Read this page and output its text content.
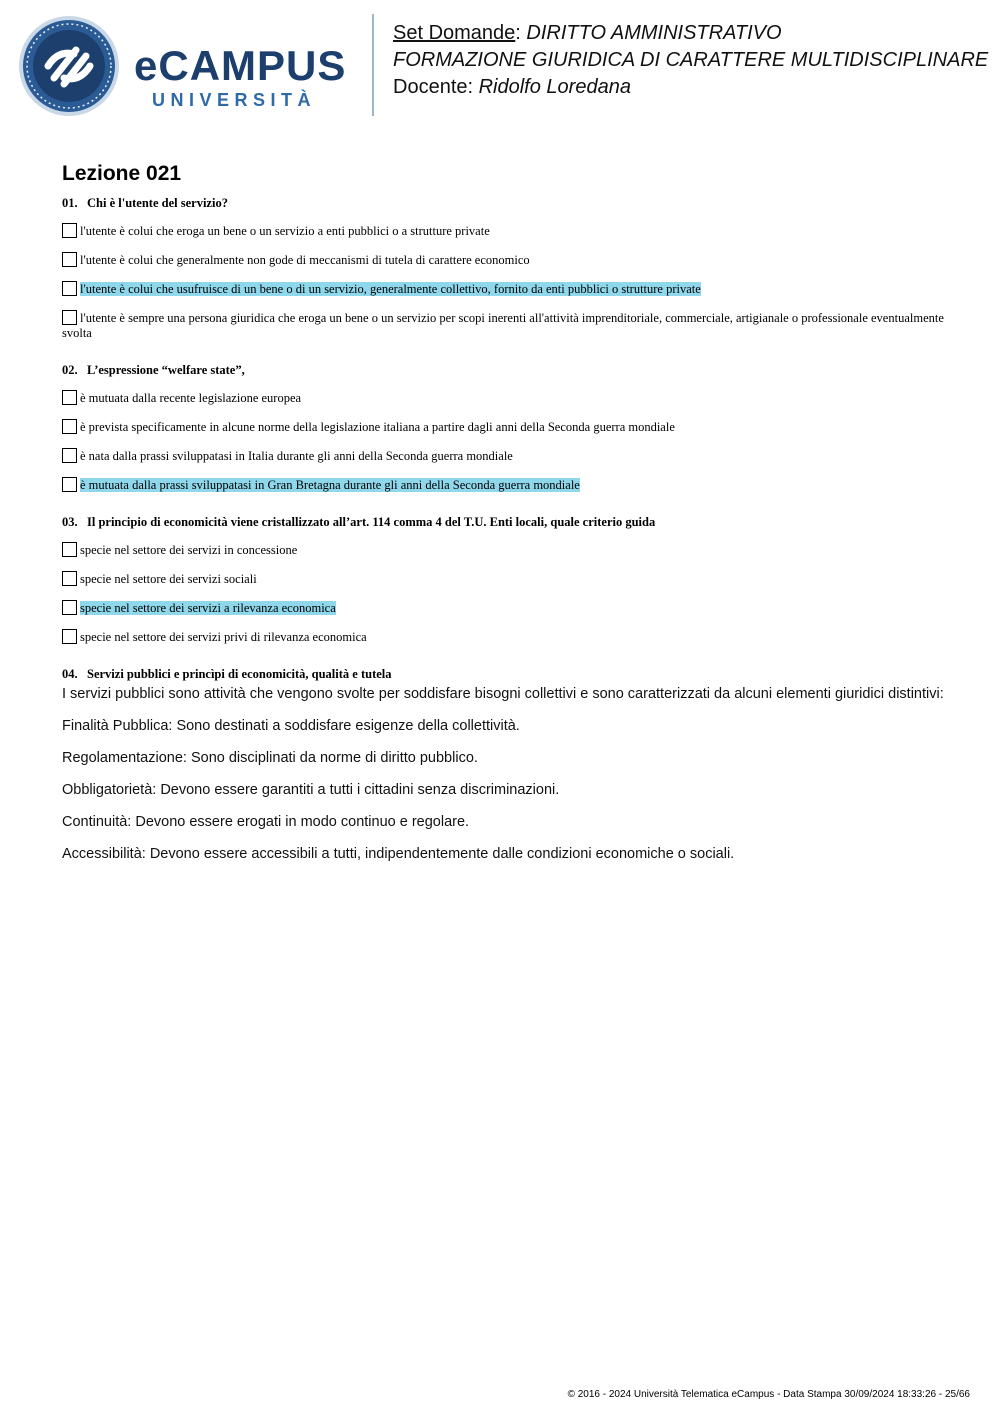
eCAMPUS
UNIVERSITÀ
Set Domande: DIRITTO AMMINISTRATIVO
FORMAZIONE GIURIDICA DI CARATTERE MULTIDISCIPLINARE
Docente: Ridolfo Loredana
Lezione 021
01. Chi è l'utente del servizio?
l'utente è colui che eroga un bene o un servizio a enti pubblici o a strutture private
l'utente è colui che generalmente non gode di meccanismi di tutela di carattere economico
l'utente è colui che usufruisce di un bene o di un servizio, generalmente collettivo, fornito da enti pubblici o strutture private
l'utente è sempre una persona giuridica che eroga un bene o un servizio per scopi inerenti all'attività imprenditoriale, commerciale, artigianale o professionale eventualmente svolta
02. L’espressione “welfare state”,
è mutuata dalla recente legislazione europea
è prevista specificamente in alcune norme della legislazione italiana a partire dagli anni della Seconda guerra mondiale
è nata dalla prassi sviluppatasi in Italia durante gli anni della Seconda guerra mondiale
è mutuata dalla prassi sviluppatasi in Gran Bretagna durante gli anni della Seconda guerra mondiale
03. Il principio di economicità viene cristallizzato all’art. 114 comma 4 del T.U. Enti locali, quale criterio guida
specie nel settore dei servizi in concessione
specie nel settore dei servizi sociali
specie nel settore dei servizi a rilevanza economica
specie nel settore dei servizi privi di rilevanza economica
04. Servizi pubblici e princìpi di economicità, qualità e tutela

I servizi pubblici sono attività che vengono svolte per soddisfare bisogni collettivi e sono caratterizzati da alcuni elementi giuridici distintivi:

Finalità Pubblica: Sono destinati a soddisfare esigenze della collettività.

Regolamentazione: Sono disciplinati da norme di diritto pubblico.

Obbligatorietà: Devono essere garantiti a tutti i cittadini senza discriminazioni.

Continuità: Devono essere erogati in modo continuo e regolare.

Accessibilità: Devono essere accessibili a tutti, indipendentemente dalle condizioni economiche o sociali.

© 2016 - 2024 Università Telematica eCampus - Data Stampa 30/09/2024 18:33:26 - 25/66
